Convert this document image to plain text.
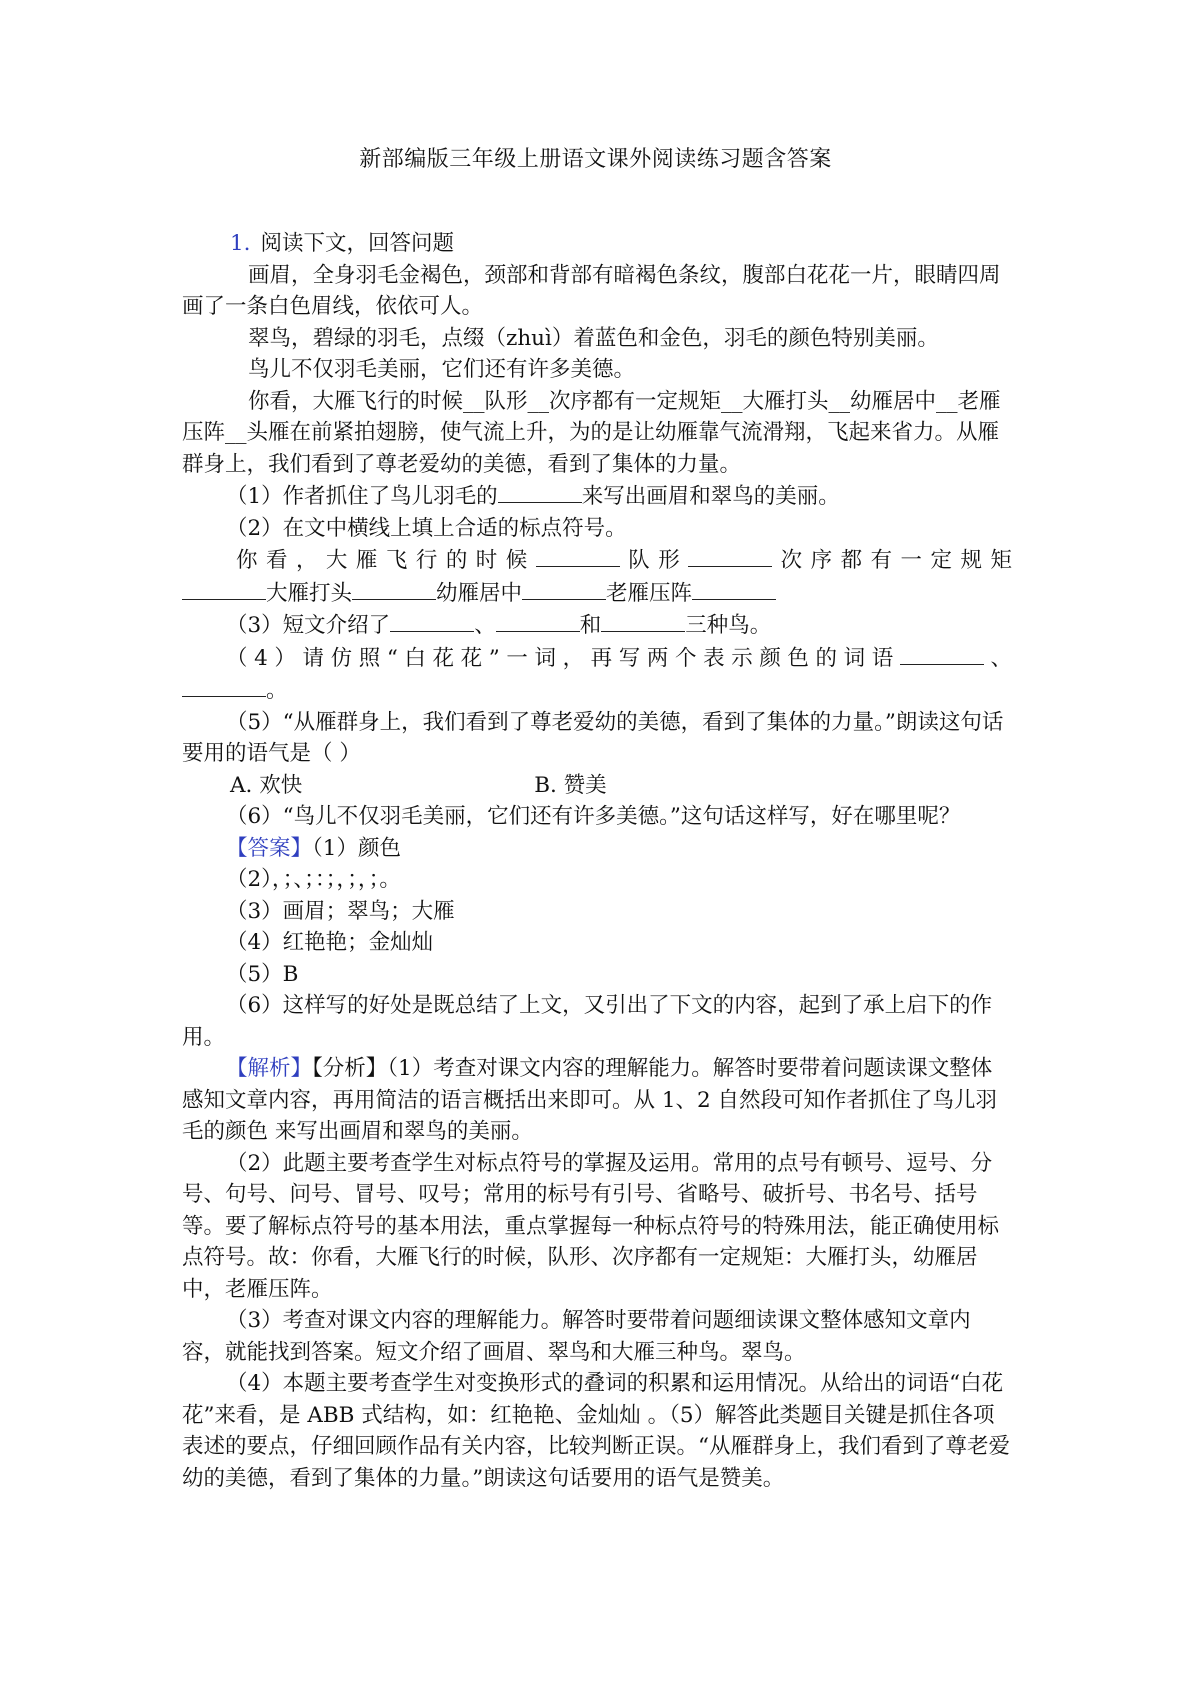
新部编版三年级上册语文课外阅读练习题含答案

1. 阅读下文，回答问题

画眉，全身羽毛金褐色，颈部和背部有暗褐色条纹，腹部白花花一片，眼睛四周画了一条白色眉线，依依可人。

翠鸟，碧绿的羽毛，点缀（zhuì）着蓝色和金色，羽毛的颜色特别美丽。

鸟儿不仅羽毛美丽，它们还有许多美德。

你看，大雁飞行的时候__队形__次序都有一定规矩__大雁打头__幼雁居中__老雁压阵__头雁在前紧拍翅膀，使气流上升，为的是让幼雁靠气流滑翔，飞起来省力。从雁群身上，我们看到了尊老爱幼的美德，看到了集体的力量。

（1）作者抓住了鸟儿羽毛的	来写出画眉和翠鸟的美丽。

（2）在文中横线上填上合适的标点符号。

你看，大雁飞行的时候	队形	次序都有一定规矩

大雁打头	幼雁居中	老雁压阵

（3）短文介绍了	、	和	三种鸟。

（4）请仿照“白花花”一词，再写两个表示颜色的词语	、

。

（5）“从雁群身上，我们看到了尊老爱幼的美德，看到了集体的力量。”朗读这句话要用的语气是（ ）

A. 欢快	B. 赞美

（6）“鸟儿不仅羽毛美丽，它们还有许多美德。”这句话这样写，好在哪里呢？

【答案】（1）颜色

（2），；、；：；，；，；。

（3）画眉；翠鸟；大雁

（4）红艳艳；金灿灿

（5）B

（6）这样写的好处是既总结了上文，又引出了下文的内容，起到了承上启下的作用。

【解析】【分析】（1）考查对课文内容的理解能力。解答时要带着问题读课文整体感知文章内容，再用简洁的语言概括出来即可。从 1、2 自然段可知作者抓住了鸟儿羽毛的颜色 来写出画眉和翠鸟的美丽。

（2）此题主要考查学生对标点符号的掌握及运用。常用的点号有顿号、逗号、分号、句号、问号、冒号、叹号；常用的标号有引号、省略号、破折号、书名号、括号等。要了解标点符号的基本用法，重点掌握每一种标点符号的特殊用法，能正确使用标点符号。故：你看，大雁飞行的时候，队形、次序都有一定规矩：大雁打头，幼雁居中，老雁压阵。

（3）考查对课文内容的理解能力。解答时要带着问题细读课文整体感知文章内容，就能找到答案。短文介绍了画眉、翠鸟和大雁三种鸟。翠鸟。

（4）本题主要考查学生对变换形式的叠词的积累和运用情况。从给出的词语“白花花”来看，是 ABB 式结构，如：红艳艳、金灿灿 。（5）解答此类题目关键是抓住各项表述的要点，仔细回顾作品有关内容，比较判断正误。“从雁群身上，我们看到了尊老爱幼的美德，看到了集体的力量。”朗读这句话要用的语气是赞美。
